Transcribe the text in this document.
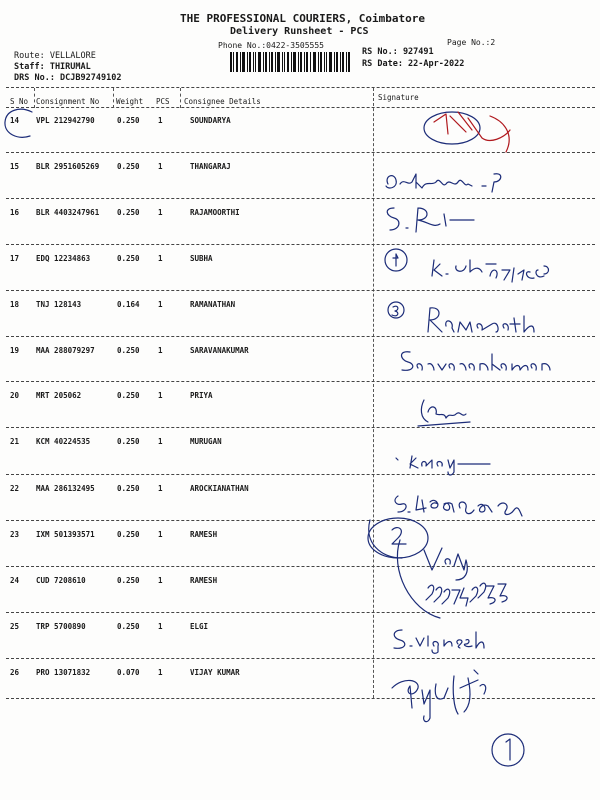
THE PROFESSIONAL COURIERS, Coimbatore
Delivery Runsheet - PCS
Phone No.:0422-3505555	Page No.:2
Route: VELLALORE
Staff: THIRUMAL
DRS No.: DCJB92749102
RS No.: 927491
RS Date: 22-Apr-2022
S No Consignment No Weight PCS Consignee Details	Signature
14 VPL 212942790	0.250 1	SOUNDARYA
15 BLR 2951605269 0.250 1	THANGARAJ
16 BLR 4403247961 0.250 1	RAJAMOORTHI
17 EDQ 12234863	0.250 1	SUBHA
18 TNJ 128143	0.164 1	RAMANATHAN
19 MAA 288079297	0.250 1	SARAVANAKUMAR
20 MRT 205062	0.250 1	PRIYA
21 KCM 40224535	0.250 1	MURUGAN
22 MAA 286132495	0.250 1	AROCKIANATHAN
23 IXM 501393571	0.250 1	RAMESH
24 CUD 7208610	0.250 1	RAMESH
25 TRP 5700890	0.250 1	ELGI
26 PRO 13071832	0.070 1	VIJAY KUMAR
